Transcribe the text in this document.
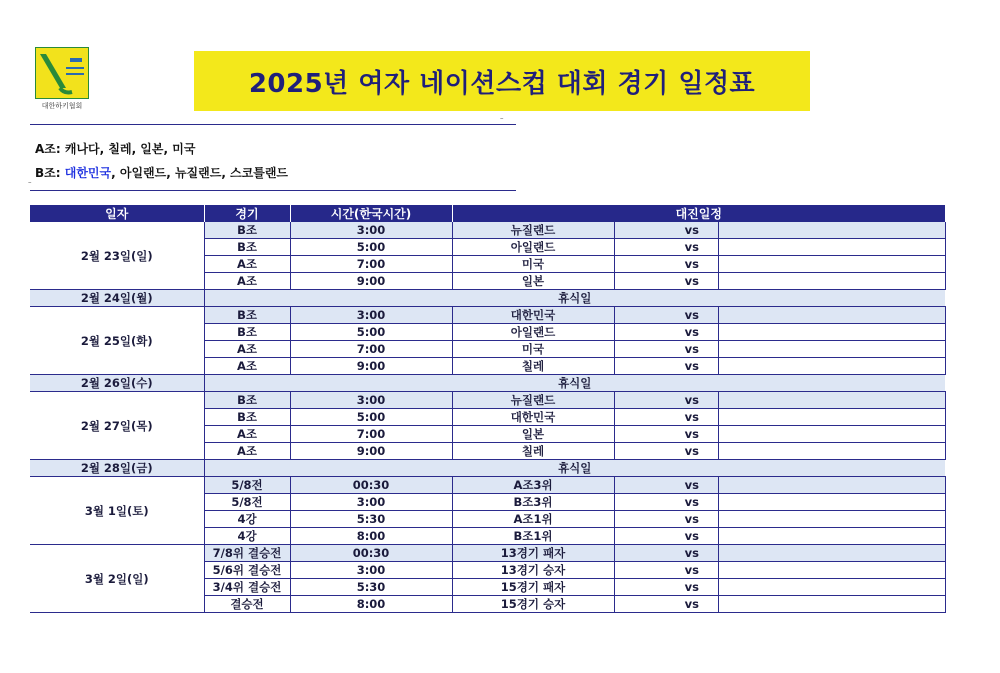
대한하키협회
2025년 여자 네이션스컵 대회 경기 일정표
–
A조: 캐나다, 칠레, 일본, 미국
B조: 대한민국, 아일랜드, 뉴질랜드, 스코틀랜드
–
일자	경기	시간(한국시간)	대진일정				
2월 23일(일)	B조	3:00	뉴질랜드		vs		
	B조	5:00	아일랜드		vs		
	A조	7:00	미국		vs		
	A조	9:00	일본		vs		
2월 24일(월)	휴식일						
2월 25일(화)	B조	3:00	대한민국		vs		
	B조	5:00	아일랜드		vs		
	A조	7:00	미국		vs		
	A조	9:00	칠레		vs		
2월 26일(수)	휴식일						
2월 27일(목)	B조	3:00	뉴질랜드		vs		
	B조	5:00	대한민국		vs		
	A조	7:00	일본		vs		
	A조	9:00	칠레		vs		
2월 28일(금)	휴식일						
3월 1일(토)	5/8전	00:30	A조3위		vs		
	5/8전	3:00	B조3위		vs		
	4강	5:30	A조1위		vs		
	4강	8:00	B조1위		vs		
3월 2일(일)	7/8위 결승전	00:30	13경기 패자		vs		
	5/6위 결승전	3:00	13경기 승자		vs		
	3/4위 결승전	5:30	15경기 패자		vs		
	결승전	8:00	15경기 승자		vs		
